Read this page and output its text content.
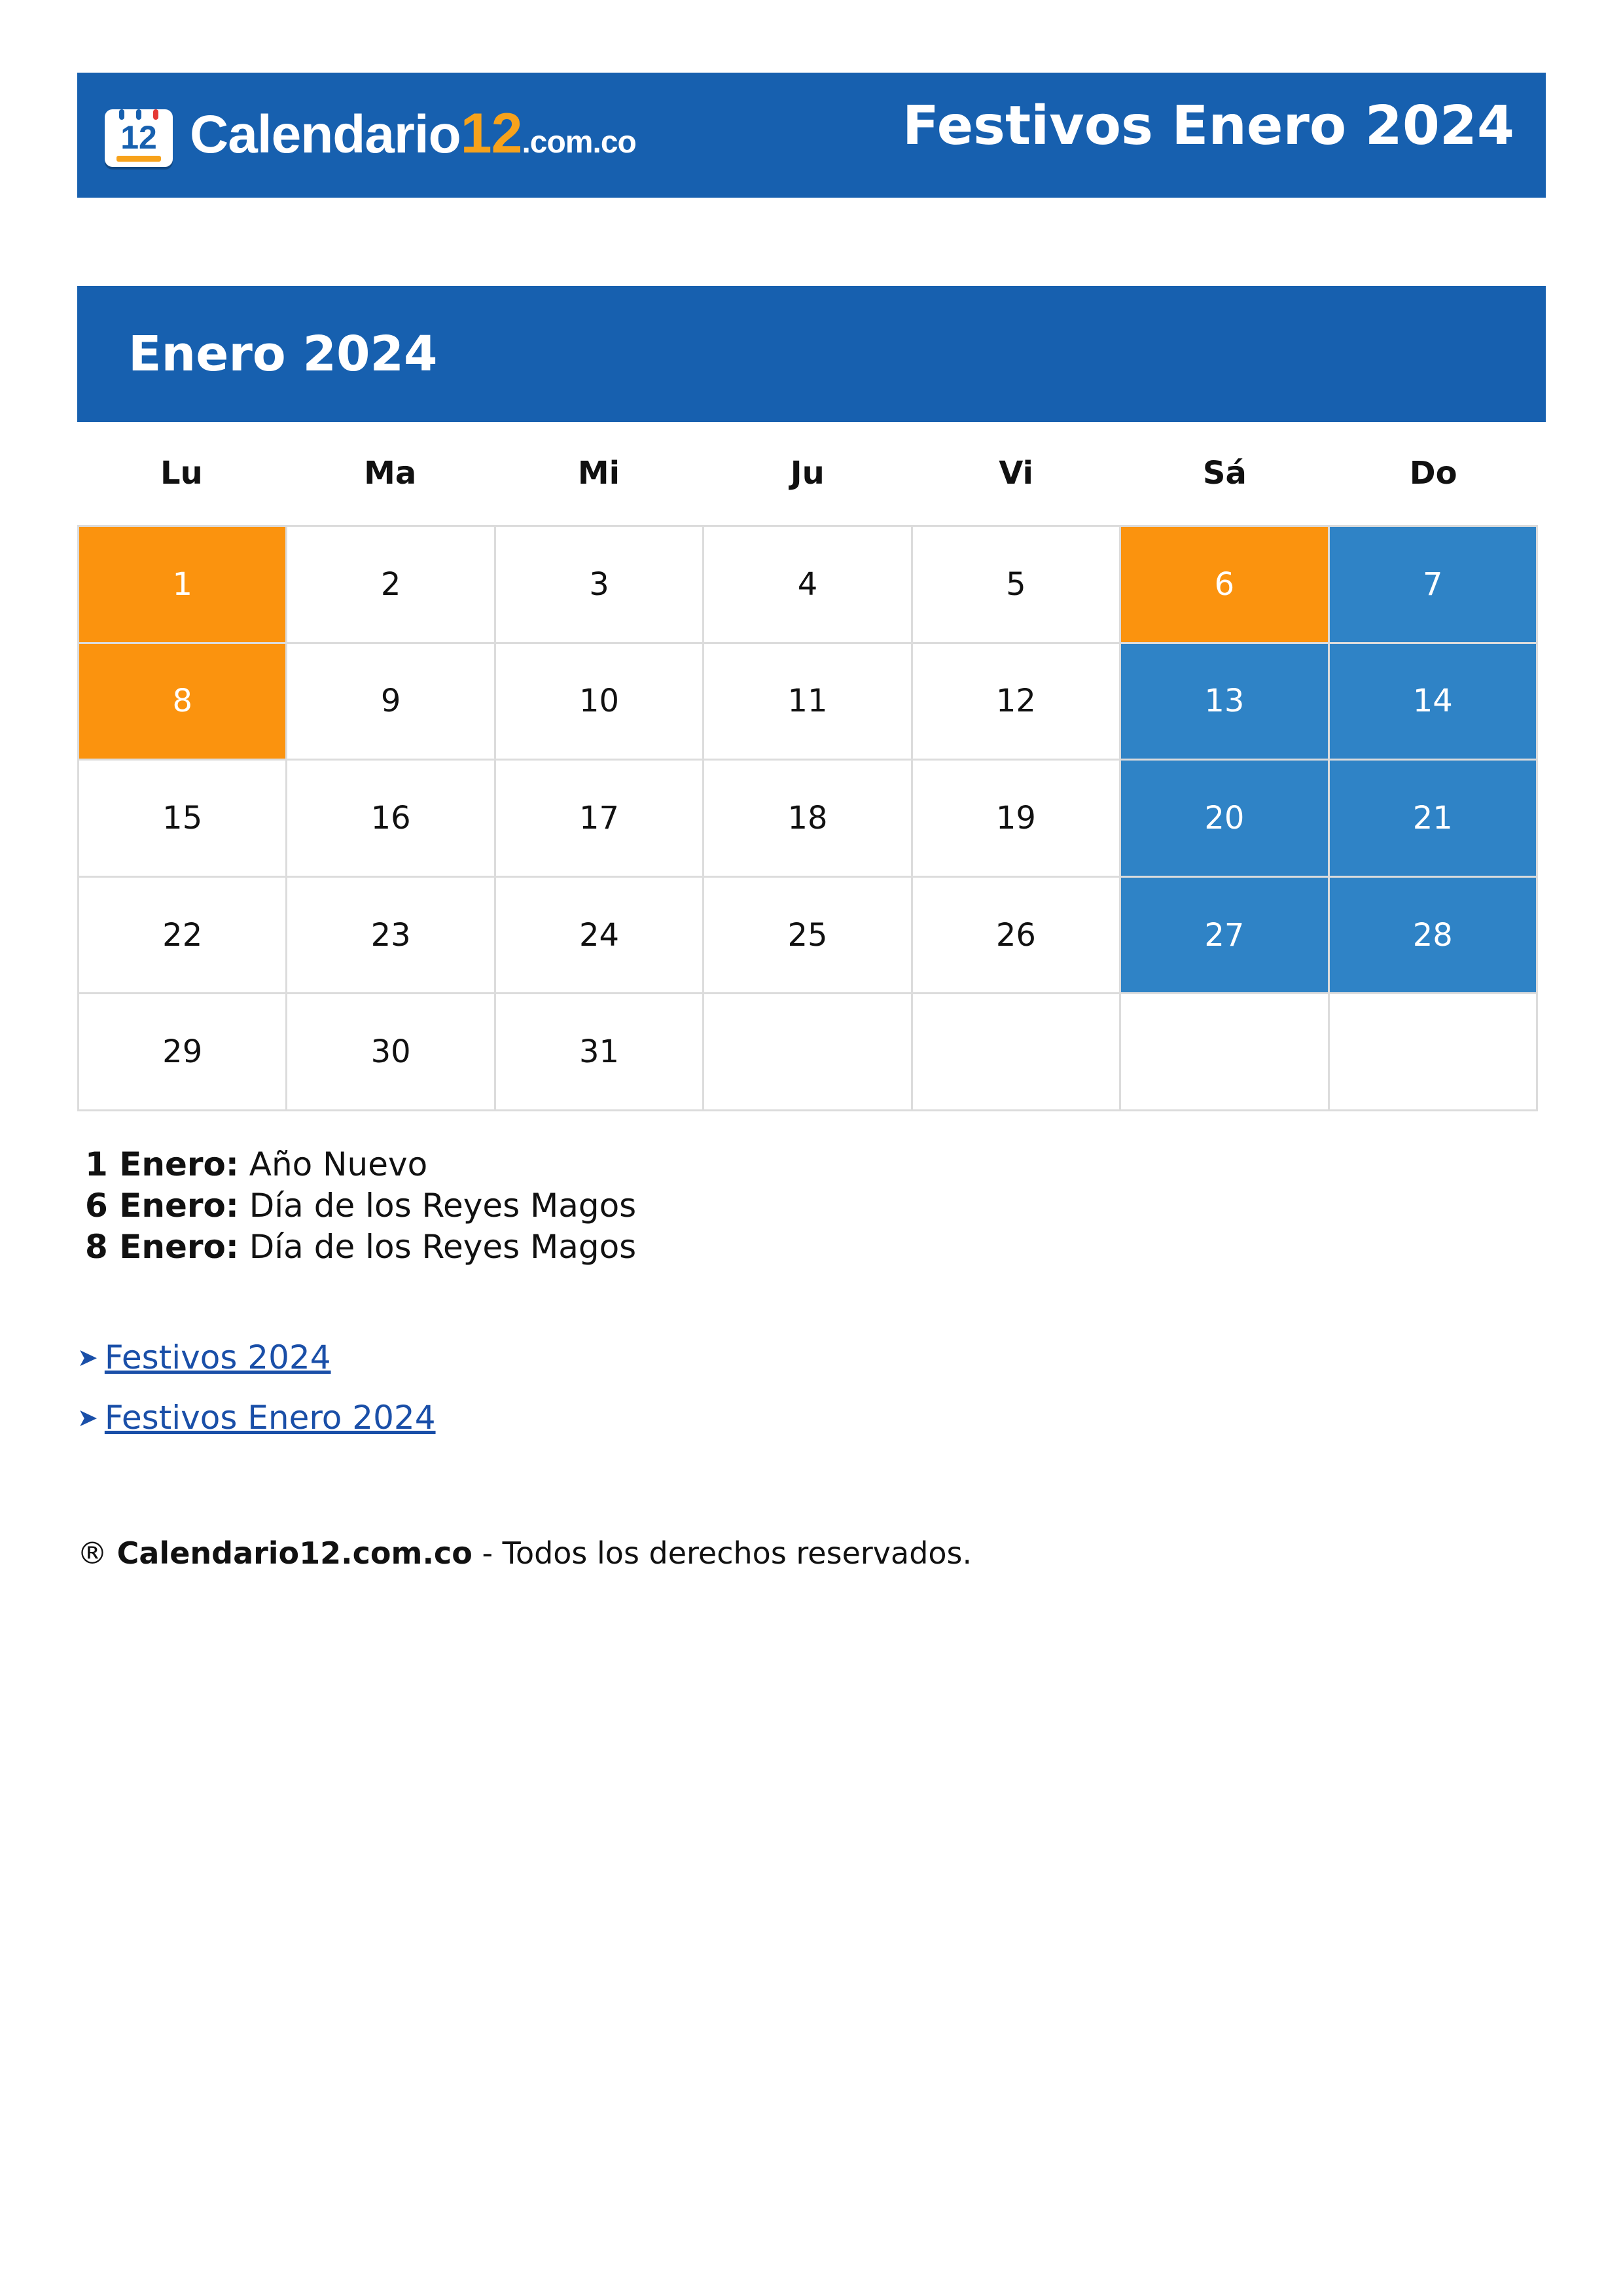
12 Calendario12.com.co	Festivos Enero 2024
Enero 2024
Lu	Ma	Mi	Ju	Vi	Sá	Do
1	2	3	4	5	6	7
8	9	10	11	12	13	14
15	16	17	18	19	20	21
22	23	24	25	26	27	28
29	30	31
1 Enero: Año Nuevo
6 Enero: Día de los Reyes Magos
8 Enero: Día de los Reyes Magos
➤ Festivos 2024
➤ Festivos Enero 2024
® Calendario12.com.co - Todos los derechos reservados.
